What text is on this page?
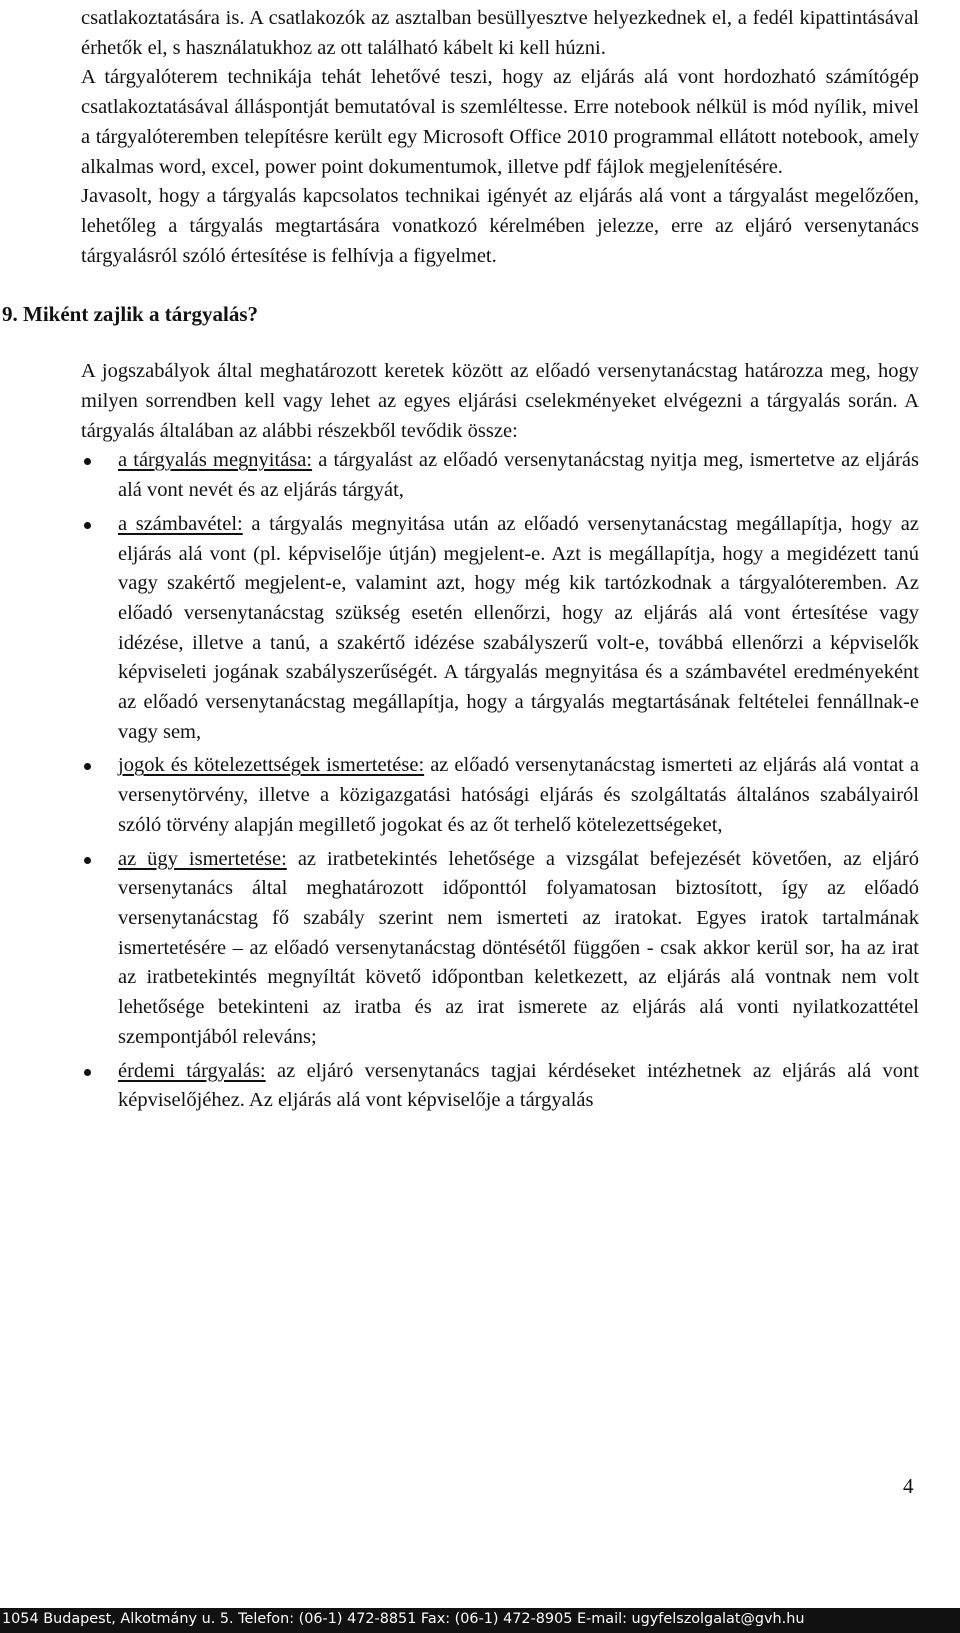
csatlakoztatására is. A csatlakozók az asztalban besüllyesztve helyezkednek el, a fedél kipattintásával érhetők el, s használatukhoz az ott található kábelt ki kell húzni.

A tárgyalóterem technikája tehát lehetővé teszi, hogy az eljárás alá vont hordozható számítógép csatlakoztatásával álláspontját bemutatóval is szemléltesse. Erre notebook nélkül is mód nyílik, mivel a tárgyalóteremben telepítésre került egy Microsoft Office 2010 programmal ellátott notebook, amely alkalmas word, excel, power point dokumentumok, illetve pdf fájlok megjelenítésére.

Javasolt, hogy a tárgyalás kapcsolatos technikai igényét az eljárás alá vont a tárgyalást megelőzően, lehetőleg a tárgyalás megtartására vonatkozó kérelmében jelezze, erre az eljáró versenytanács tárgyalásról szóló értesítése is felhívja a figyelmet.

9. Miként zajlik a tárgyalás?

A jogszabályok által meghatározott keretek között az előadó versenytanácstag határozza meg, hogy milyen sorrendben kell vagy lehet az egyes eljárási cselekményeket elvégezni a tárgyalás során. A tárgyalás általában az alábbi részekből tevődik össze:

a tárgyalás megnyitása: a tárgyalást az előadó versenytanácstag nyitja meg, ismertetve az eljárás alá vont nevét és az eljárás tárgyát,
a számbavétel: a tárgyalás megnyitása után az előadó versenytanácstag megállapítja, hogy az eljárás alá vont (pl. képviselője útján) megjelent-e. Azt is megállapítja, hogy a megidézett tanú vagy szakértő megjelent-e, valamint azt, hogy még kik tartózkodnak a tárgyalóteremben. Az előadó versenytanácstag szükség esetén ellenőrzi, hogy az eljárás alá vont értesítése vagy idézése, illetve a tanú, a szakértő idézése szabályszerű volt-e, továbbá ellenőrzi a képviselők képviseleti jogának szabályszerűségét. A tárgyalás megnyitása és a számbavétel eredményeként az előadó versenytanácstag megállapítja, hogy a tárgyalás megtartásának feltételei fennállnak-e vagy sem,
jogok és kötelezettségek ismertetése: az előadó versenytanácstag ismerteti az eljárás alá vontat a versenytörvény, illetve a közigazgatási hatósági eljárás és szolgáltatás általános szabályairól szóló törvény alapján megillető jogokat és az őt terhelő kötelezettségeket,
az ügy ismertetése: az iratbetekintés lehetősége a vizsgálat befejezését követően, az eljáró versenytanács által meghatározott időponttól folyamatosan biztosított, így az előadó versenytanácstag fő szabály szerint nem ismerteti az iratokat. Egyes iratok tartalmának ismertetésére – az előadó versenytanácstag döntésétől függően - csak akkor kerül sor, ha az irat az iratbetekintés megnyíltát követő időpontban keletkezett, az eljárás alá vontnak nem volt lehetősége betekinteni az iratba és az irat ismerete az eljárás alá vonti nyilatkozattétel szempontjából releváns;
érdemi tárgyalás: az eljáró versenytanács tagjai kérdéseket intézhetnek az eljárás alá vont képviselőjéhez. Az eljárás alá vont képviselője a tárgyalás
4
1054 Budapest, Alkotmány u. 5. Telefon: (06-1) 472-8851 Fax: (06-1) 472-8905 E-mail: ugyfelszolgalat@gvh.hu
